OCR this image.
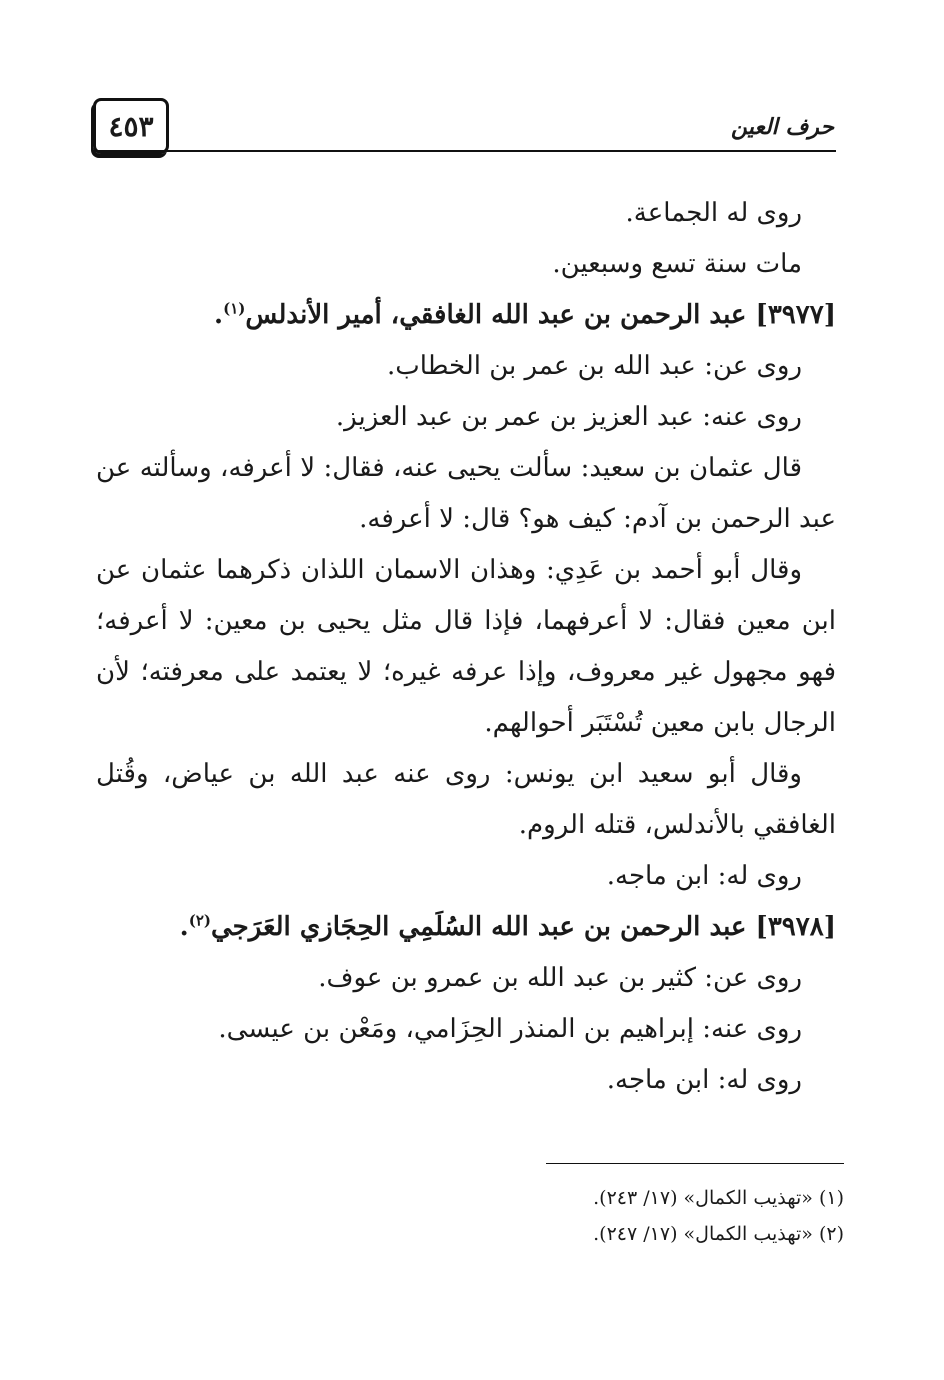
٤٥٣	حرف العين

روى له الجماعة.

مات سنة تسع وسبعين.

[٣٩٧٧] عبد الرحمن بن عبد الله الغافقي، أمير الأندلس$^{(١)}$.

روى عن: عبد الله بن عمر بن الخطاب.

روى عنه: عبد العزيز بن عمر بن عبد العزيز.

قال عثمان بن سعيد: سألت يحيى عنه، فقال: لا أعرفه، وسألته عن عبد الرحمن بن آدم: كيف هو؟ قال: لا أعرفه.

وقال أبو أحمد بن عَدِي: وهذان الاسمان اللذان ذكرهما عثمان عن ابن معين فقال: لا أعرفهما، فإذا قال مثل يحيى بن معين: لا أعرفه؛ فهو مجهول غير معروف، وإذا عرفه غيره؛ لا يعتمد على معرفته؛ لأن الرجال بابن معين تُسْتَبَر أحوالهم.

وقال أبو سعيد ابن يونس: روى عنه عبد الله بن عياض، وقُتل الغافقي بالأندلس، قتله الروم.

روى له: ابن ماجه.

[٣٩٧٨] عبد الرحمن بن عبد الله السُلَمِي الحِجَازي العَرَجي$^{(٢)}$.

روى عن: كثير بن عبد الله بن عمرو بن عوف.

روى عنه: إبراهيم بن المنذر الحِزَامي، ومَعْن بن عيسى.

روى له: ابن ماجه.

(١) «تهذيب الكمال» (١٧/ ٢٤٣).

(٢) «تهذيب الكمال» (١٧/ ٢٤٧).
